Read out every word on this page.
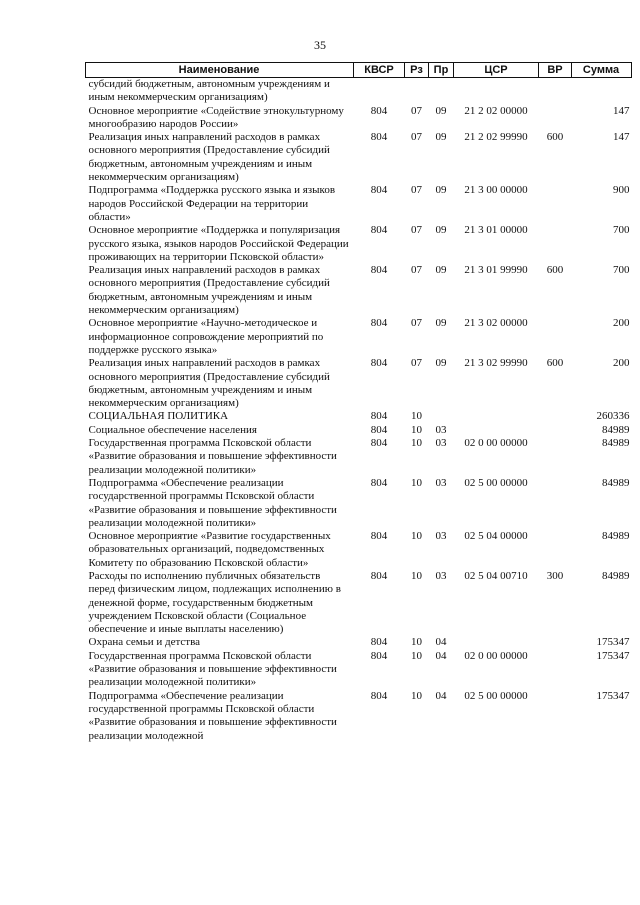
35
Наименование	КВСР	Рз	Пр	ЦСР	ВР	Сумма
субсидий бюджетным, автономным учреждениям и иным некоммерческим организациям)						
Основное мероприятие «Содействие этнокультурному многообразию народов России»	804	07	09	21 2 02 00000		147
Реализация иных направлений расходов в рамках основного мероприятия (Предоставление субсидий бюджетным, автономным учреждениям и иным некоммерческим организациям)	804	07	09	21 2 02 99990	600	147
Подпрограмма «Поддержка русского языка и языков народов Российской Федерации на территории области»	804	07	09	21 3 00 00000		900
Основное мероприятие «Поддержка и популяризация русского языка, языков народов Российской Федерации проживающих на территории Псковской области»	804	07	09	21 3 01 00000		700
Реализация иных направлений расходов в рамках основного мероприятия (Предоставление субсидий бюджетным, автономным учреждениям и иным некоммерческим организациям)	804	07	09	21 3 01 99990	600	700
Основное мероприятие «Научно-методическое и информационное сопровождение мероприятий по поддержке русского языка»	804	07	09	21 3 02 00000		200
Реализация иных направлений расходов в рамках основного мероприятия (Предоставление субсидий бюджетным, автономным учреждениям и иным некоммерческим организациям)	804	07	09	21 3 02 99990	600	200
СОЦИАЛЬНАЯ ПОЛИТИКА	804	10				260336
Социальное обеспечение населения	804	10	03			84989
Государственная программа Псковской области «Развитие образования и повышение эффективности реализации молодежной политики»	804	10	03	02 0 00 00000		84989
Подпрограмма «Обеспечение реализации государственной программы Псковской области «Развитие образования и повышение эффективности реализации молодежной политики»	804	10	03	02 5 00 00000		84989
Основное мероприятие «Развитие государственных образовательных организаций, подведомственных Комитету по образованию Псковской области»	804	10	03	02 5 04 00000		84989
Расходы по исполнению публичных обязательств перед физическим лицом, подлежащих исполнению в денежной форме, государственным бюджетным учреждением Псковской области (Социальное обеспечение и иные выплаты населению)	804	10	03	02 5 04 00710	300	84989
Охрана семьи и детства	804	10	04			175347
Государственная программа Псковской области «Развитие образования и повышение эффективности реализации молодежной политики»	804	10	04	02 0 00 00000		175347
Подпрограмма «Обеспечение реализации государственной программы Псковской области «Развитие образования и повышение эффективности реализации молодежной	804	10	04	02 5 00 00000		175347
